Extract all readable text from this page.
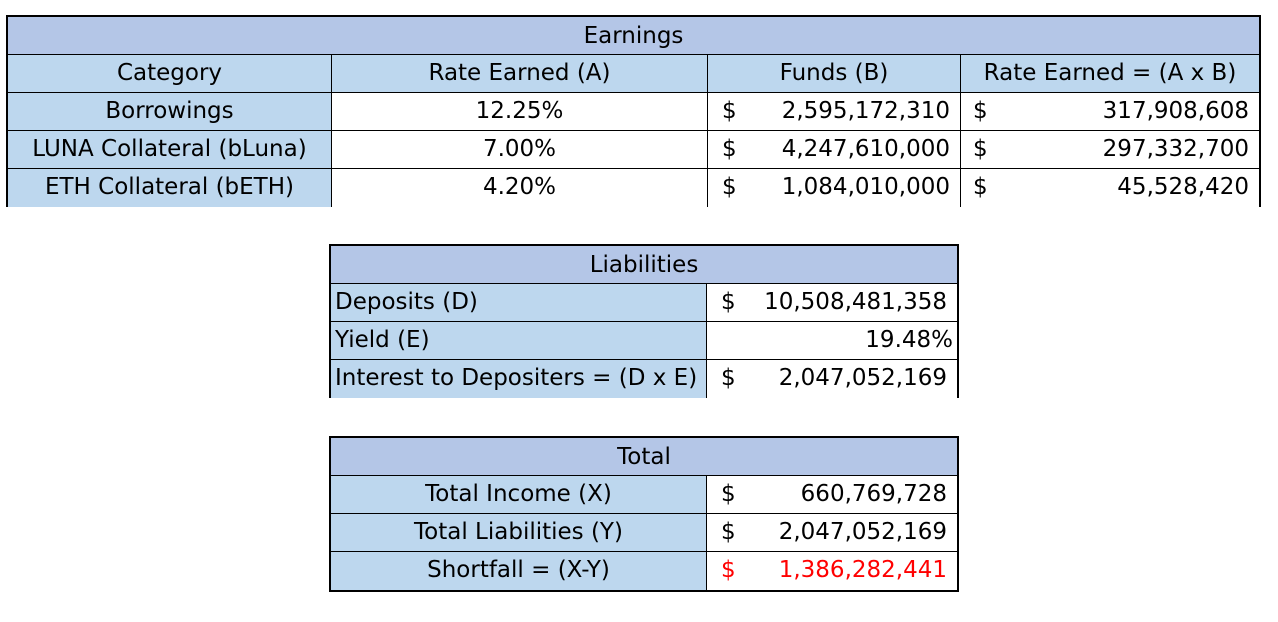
Earnings
Category	Rate Earned (A)	Funds (B)	Rate Earned = (A x B)
Borrowings	12.25%	$ 2,595,172,310 $	317,908,608
LUNA Collateral (bLuna)	7.00%	$ 4,247,610,000 $	297,332,700
ETH Collateral (bETH)	4.20%	$ 1,084,010,000 $	45,528,420
Liabilities
Deposits (D)	$ 10,508,481,358
Yield (E)	19.48%
Interest to Depositers = (D x E)	$ 2,047,052,169
Total
Total Income (X)	$	660,769,728
Total Liabilities (Y)	$ 2,047,052,169
Shortfall = (X-Y)	$ 1,386,282,441
